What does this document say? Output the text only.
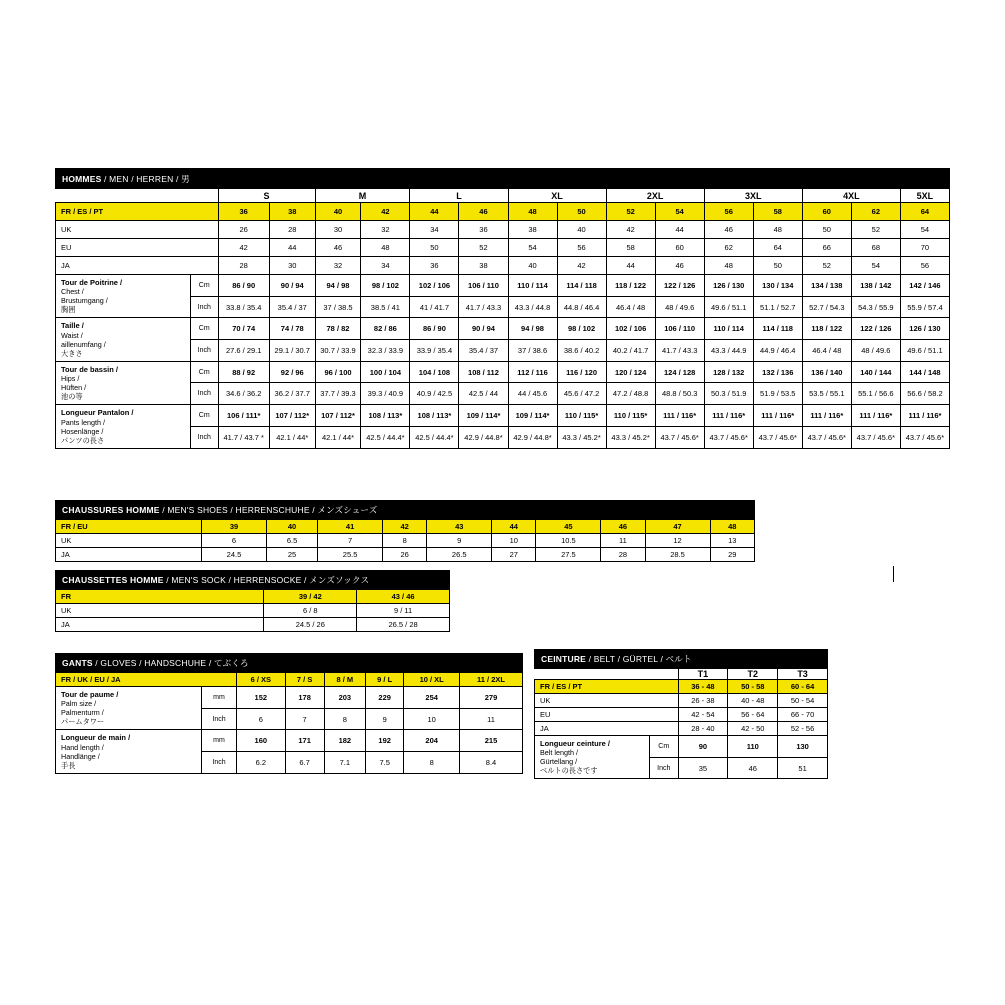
HOMMES / MEN / HERREN / 男																
		S		M		L		XL		2XL		3XL		4XL		5XL
FR / ES / PT		36	38	40	42	44	46	48	50	52	54	56	58	60	62	64
UK		26	28	30	32	34	36	38	40	42	44	46	48	50	52	54
EU		42	44	46	48	50	52	54	56	58	60	62	64	66	68	70
JA		28	30	32	34	36	38	40	42	44	46	48	50	52	54	56

Tour de Poitrine /
Chest /
Brustumgang /
胸囲	Cm	86 / 90	90 / 94	94 / 98	98 / 102	102 / 106	106 / 110	110 / 114	114 / 118	118 / 122	122 / 126	126 / 130	130 / 134	134 / 138	138 / 142	142 / 146
	Inch	33.8 / 35.4	35.4 / 37	37 / 38.5	38.5 / 41	41 / 41.7	41.7 / 43.3	43.3 / 44.8	44.8 / 46.4	46.4 / 48	48 / 49.6	49.6 / 51.1	51.1 / 52.7	52.7 / 54.3	54.3 / 55.9	55.9 / 57.4

Taille /
Waist /
aillenumfang /
大きさ	Cm	70 / 74	74 / 78	78 / 82	82 / 86	86 / 90	90 / 94	94 / 98	98 / 102	102 / 106	106 / 110	110 / 114	114 / 118	118 / 122	122 / 126	126 / 130
	Inch	27.6 / 29.1	29.1 / 30.7	30.7 / 33.9	32.3 / 33.9	33.9 / 35.4	35.4 / 37	37 / 38.6	38.6 / 40.2	40.2 / 41.7	41.7 / 43.3	43.3 / 44.9	44.9 / 46.4	46.4 / 48	48 / 49.6	49.6 / 51.1

Tour de bassin /
Hips /
Hüften /
池の等	Cm	88 / 92	92 / 96	96 / 100	100 / 104	104 / 108	108 / 112	112 / 116	116 / 120	120 / 124	124 / 128	128 / 132	132 / 136	136 / 140	140 / 144	144 / 148
	Inch	34.6 / 36.2	36.2 / 37.7	37.7 / 39.3	39.3 / 40.9	40.9 / 42.5	42.5 / 44	44 / 45.6	45.6 / 47.2	47.2 / 48.8	48.8 / 50.3	50.3 / 51.9	51.9 / 53.5	53.5 / 55.1	55.1 / 56.6	56.6 / 58.2

Longueur Pantalon /
Pants length /
Hosenlänge /
パンツの長さ	Cm	106 / 111*	107 / 112*	107 / 112*	108 / 113*	108 / 113*	109 / 114*	109 / 114*	110 / 115*	110 / 115*	111 / 116*	111 / 116*	111 / 116*	111 / 116*	111 / 116*	111 / 116*
	Inch	41.7 / 43.7 *	42.1 / 44*	42.1 / 44*	42.5 / 44.4*	42.5 / 44.4*	42.9 / 44.8*	42.9 / 44.8*	43.3 / 45.2*	43.3 / 45.2*	43.7 / 45.6*	43.7 / 45.6*	43.7 / 45.6*	43.7 / 45.6*	43.7 / 45.6*	43.7 / 45.6*
CHAUSSURES HOMME / MEN'S SHOES / HERRENSCHUHE / メンズシューズ										
FR / EU	39	40	41	42	43	44	45	46	47	48
UK	6	6.5	7	8	9	10	10.5	11	12	13
JA	24.5	25	25.5	26	26.5	27	27.5	28	28.5	29
CHAUSSETTES HOMME / MEN'S SOCK / HERRENSOCKE / メンズソックス		
FR	39 / 42	43 / 46
UK	6 / 8	9 / 11
JA	24.5 / 26	26.5 / 28
GANTS / GLOVES / HANDSCHUHE / てぶくろ							
FR / UK / EU / JA		6 / XS	7 / S	8 / M	9 / L	10 / XL	11 / 2XL

Tour de paume /
Palm size /
Palmenturm /
パームタワー	mm	152	178	203	229	254	279
	Inch	6	7	8	9	10	11

Longueur de main /
Hand length /
Handlänge /
手長	mm	160	171	182	192	204	215
	Inch	6.2	6.7	7.1	7.5	8	8.4
CEINTURE / BELT / GÜRTEL / ベルト				
		T1	T2	T3
FR / ES / PT		36 - 48	50 - 58	60 - 64
UK		26 - 38	40 - 48	50 - 54
EU		42 - 54	56 - 64	66 - 70
JA		28 - 40	42 - 50	52 - 56

Longueur ceinture /
Belt length /
Gürtellang /
ベルトの長さです	Cm	90	110	130
	Inch	35	46	51
